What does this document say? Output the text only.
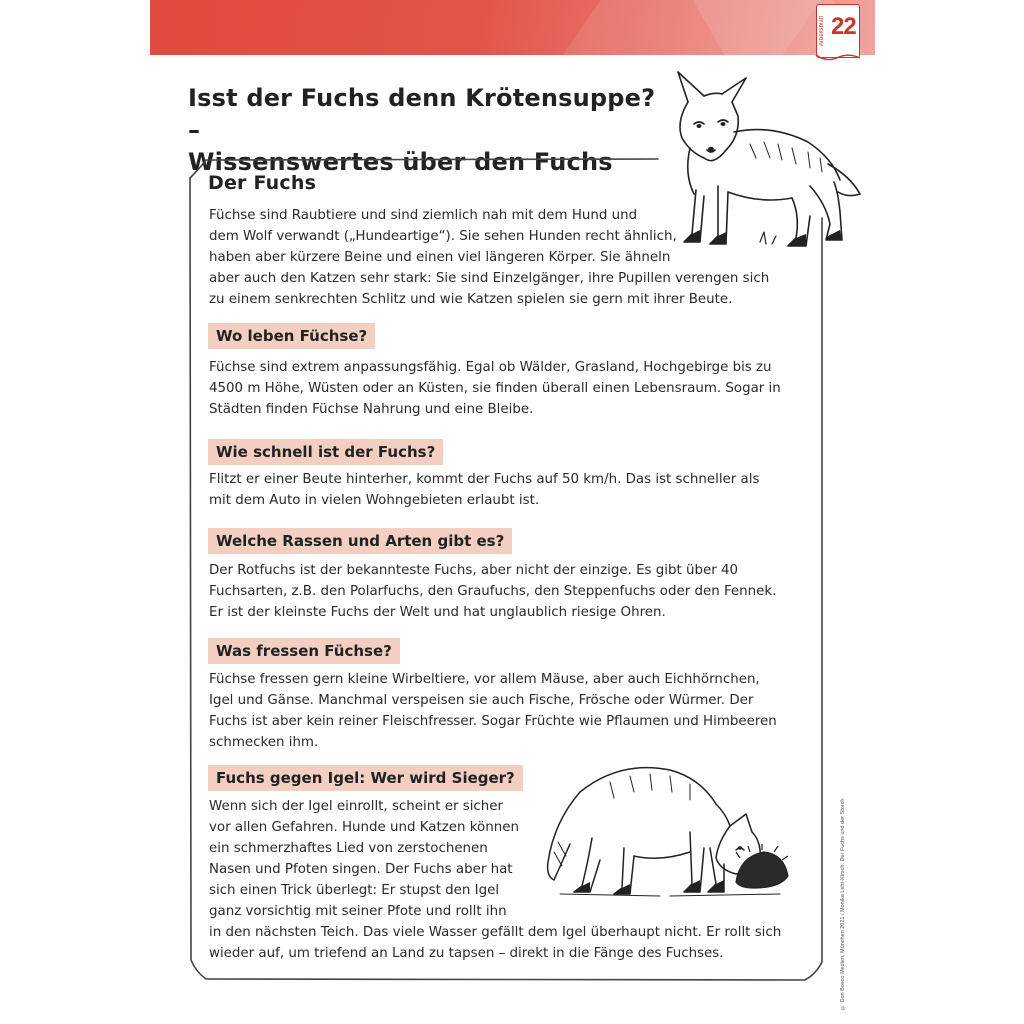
Arbeitsblatt 22
Isst der Fuchs denn Krötensuppe? –
Wissenswertes über den Fuchs
Der Fuchs
Füchse sind Raubtiere und sind ziemlich nah mit dem Hund und
dem Wolf verwandt („Hundeartige“). Sie sehen Hunden recht ähnlich,
haben aber kürzere Beine und einen viel längeren Körper. Sie ähneln
aber auch den Katzen sehr stark: Sie sind Einzelgänger, ihre Pupillen verengen sich
zu einem senkrechten Schlitz und wie Katzen spielen sie gern mit ihrer Beute.
Wo leben Füchse?
Füchse sind extrem anpassungsfähig. Egal ob Wälder, Grasland, Hochgebirge bis zu
4500 m Höhe, Wüsten oder an Küsten, sie finden überall einen Lebensraum. Sogar in
Städten finden Füchse Nahrung und eine Bleibe.
Wie schnell ist der Fuchs?
Flitzt er einer Beute hinterher, kommt der Fuchs auf 50 km/h. Das ist schneller als
mit dem Auto in vielen Wohngebieten erlaubt ist.
Welche Rassen und Arten gibt es?
Der Rotfuchs ist der bekannteste Fuchs, aber nicht der einzige. Es gibt über 40
Fuchsarten, z.B. den Polarfuchs, den Graufuchs, den Steppenfuchs oder den Fennek.
Er ist der kleinste Fuchs der Welt und hat unglaublich riesige Ohren.
Was fressen Füchse?
Füchse fressen gern kleine Wirbeltiere, vor allem Mäuse, aber auch Eichhörnchen,
Igel und Gänse. Manchmal verspeisen sie auch Fische, Frösche oder Würmer. Der
Fuchs ist aber kein reiner Fleischfresser. Sogar Früchte wie Pflaumen und Himbeeren
schmecken ihm.
Fuchs gegen Igel: Wer wird Sieger?
Wenn sich der Igel einrollt, scheint er sicher
vor allen Gefahren. Hunde und Katzen können
ein schmerzhaftes Lied von zerstochenen
Nasen und Pfoten singen. Der Fuchs aber hat
sich einen Trick überlegt: Er stupst den Igel
ganz vorsichtig mit seiner Pfote und rollt ihn
in den nächsten Teich. Das viele Wasser gefällt dem Igel überhaupt nicht. Er rollt sich
wieder auf, um triefend an Land zu tapsen – direkt in die Fänge des Fuchses.	© Don Bosco Medien, München 2021 / Monika Lehr-Kirsch: Der Fuchs und der Storch
